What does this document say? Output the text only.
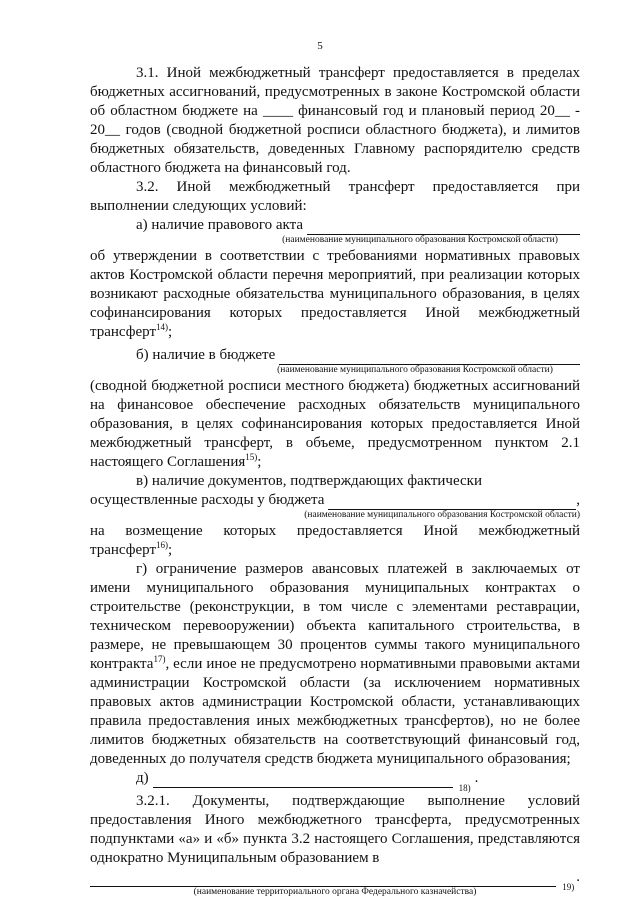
5

3.1. Иной межбюджетный трансферт предоставляется в пределах бюджетных ассигнований, предусмотренных в законе Костромской области об областном бюджете на ____ финансовый год и плановый период 20__ - 20__ годов (сводной бюджетной росписи областного бюджета), и лимитов бюджетных обязательств, доведенных Главному распорядителю средств областного бюджета на финансовый год.

3.2. Иной межбюджетный трансферт предоставляется при выполнении следующих условий:

а) наличие правового акта

(наименование муниципального образования Костромской области)

об утверждении в соответствии с требованиями нормативных правовых актов Костромской области перечня мероприятий, при реализации которых возникают расходные обязательства муниципального образования, в целях софинансирования которых предоставляется Иной межбюджетный трансферт$^{14)}$;

б) наличие в бюджете

(наименование муниципального образования Костромской области)

(сводной бюджетной росписи местного бюджета) бюджетных ассигнований на финансовое обеспечение расходных обязательств муниципального образования, в целях софинансирования которых предоставляется Иной межбюджетный трансферт, в объеме, предусмотренном пунктом 2.1 настоящего Соглашения$^{15)}$;

в) наличие документов, подтверждающих фактически

осуществленные расходы у бюджета	,

(наименование муниципального образования Костромской области)

на возмещение которых предоставляется Иной межбюджетный трансферт$^{16)}$;

г) ограничение размеров авансовых платежей в заключаемых от имени муниципального образования муниципальных контрактах о строительстве (реконструкции, в том числе с элементами реставрации, техническом перевооружении) объекта капитального строительства, в размере, не превышающем 30 процентов суммы такого муниципального контракта$^{17)}$, если иное не предусмотрено нормативными правовыми актами администрации Костромской области (за исключением нормативных правовых актов администрации Костромской области, устанавливающих правила предоставления иных межбюджетных трансфертов), но не более лимитов бюджетных обязательств на соответствующий финансовый год, доведенных до получателя средств бюджета муниципального образования;

д)
18)
.

3.2.1. Документы, подтверждающие выполнение условий предоставления Иного межбюджетного трансферта, предусмотренных подпунктами «а» и «б» пункта 3.2 настоящего Соглашения, представляются однократно Муниципальным образованием в

19)
.

(наименование территориального органа Федерального казначейства)
